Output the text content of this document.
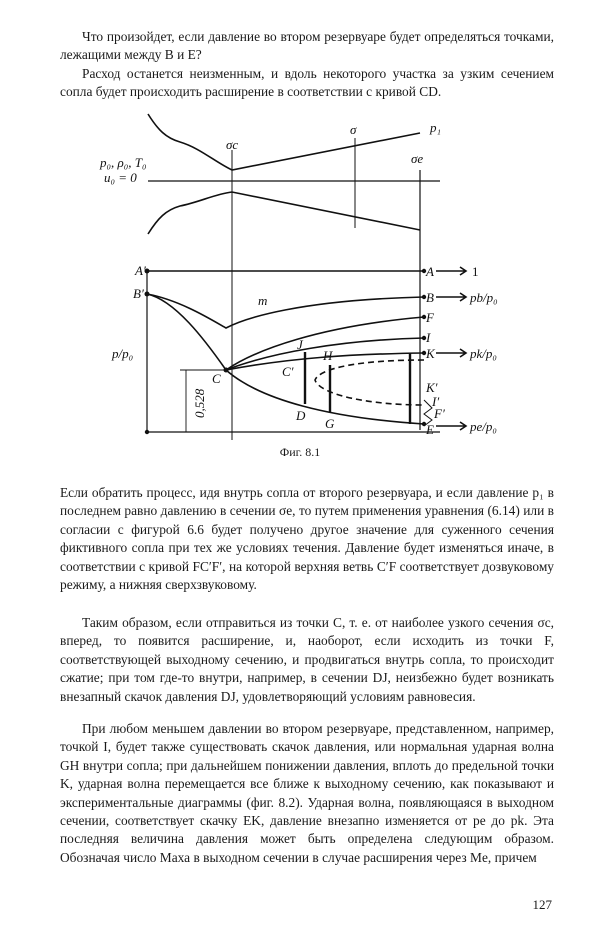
Что произойдет, если давление во втором резервуаре будет определяться точками, лежащими между B и E?

Расход останется неизменным, и вдоль некоторого участка за узким сечением сопла будет происходить расширение в соответствии с кривой CD.

σc
σ
σe
p₁
p₀, ρ₀, T₀
u₀ = 0
p/p₀
0,528
A′
B′	m
C	C′
J
H
D
G
A
B
F
I
K
K′
I′
F′
E
1
pb/p₀
pk/p₀
pe/p₀
Фиг. 8.1

Если обратить процесс, идя внутрь сопла от второго резервуара, и если давление p₁ в последнем равно давлению в сечении σe, то путем применения уравнения (6.14) или в согласии с фигурой 6.6 будет получено другое значение для суженного сечения фиктивного сопла при тех же условиях течения. Давление будет изменяться иначе, в соответствии с кривой FC′F′, на которой верхняя ветвь C′F соответствует дозвуковому режиму, а нижняя сверхзвуковому.

Таким образом, если отправиться из точки C, т. е. от наиболее узкого сечения σc, вперед, то появится расширение, и, наоборот, если исходить из точки F, соответствующей выходному сечению, и продвигаться внутрь сопла, то происходит сжатие; при том где-то внутри, например, в сечении DJ, неизбежно будет возникать внезапный скачок давления DJ, удовлетворяющий условиям равновесия.

При любом меньшем давлении во втором резервуаре, представленном, например, точкой I, будет также существовать скачок давления, или нормальная ударная волна GH внутри сопла; при дальнейшем понижении давления, вплоть до предельной точки K, ударная волна перемещается все ближе к выходному сечению, как показывают и экспериментальные диаграммы (фиг. 8.2). Ударная волна, появляющаяся в выходном сечении, соответствует скачку EK, давление внезапно изменяется от pe до pk. Эта последняя величина давления может быть определена следующим образом. Обозначая число Маха в выходном сечении в случае расширения через Me, причем

127
